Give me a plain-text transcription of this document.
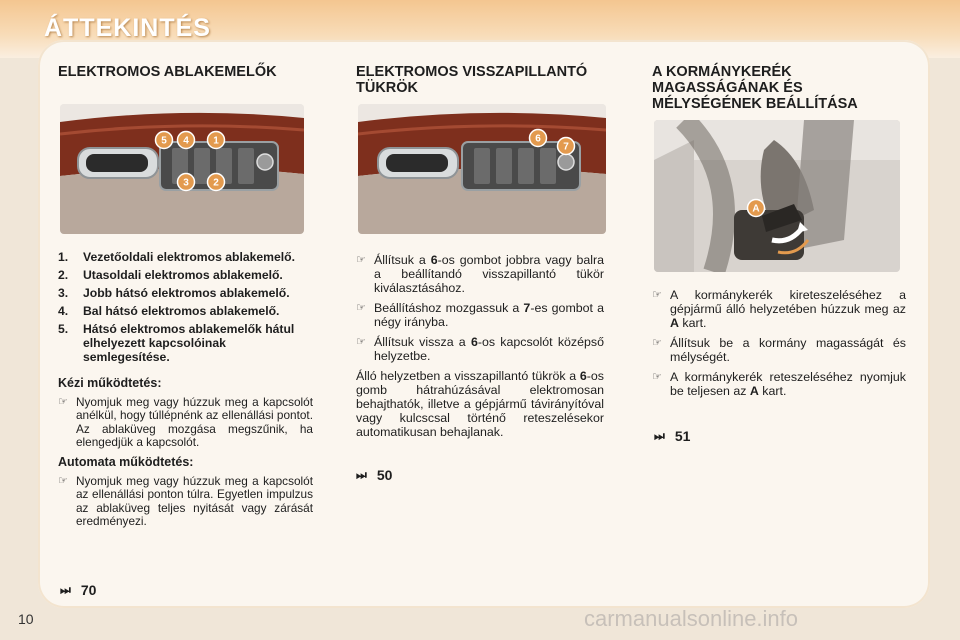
ÁTTEKINTÉS
ELEKTROMOS ABLAKEMELŐK
5 4 1
3 2
1.	Vezetőoldali elektromos ablakemelő.
2.	Utasoldali elektromos ablakemelő.
3.	Jobb hátsó elektromos ablakemelő.
4.	Bal hátsó elektromos ablakemelő.
5.	Hátsó elektromos ablakemelők hátul elhelyezett kapcsolóinak semlegesítése.
Kézi működtetés:
☞ Nyomjuk meg vagy húzzuk meg a kapcsolót anélkül, hogy túllépnénk az ellenállási pontot. Az ablaküveg mozgása megszűnik, ha elengedjük a kapcsolót.
Automata működtetés:
☞ Nyomjuk meg vagy húzzuk meg a kapcsolót az ellenállási ponton túlra. Egyetlen impulzus az ablaküveg teljes nyitását vagy zárását eredményezi.
⏭ 70
ELEKTROMOS VISSZAPILLANTÓ TÜKRÖK
6
7
☞ Állítsuk a 6-os gombot jobbra vagy balra a beállítandó visszapillantó tükör kiválasztásához.
☞ Beállításhoz mozgassuk a 7-es gombot a négy irányba.
☞ Állítsuk vissza a 6-os kapcsolót középső helyzetbe.
Álló helyzetben a visszapillantó tükrök a 6-os gomb hátrahúzásával elektromosan behajthatók, illetve a gépjármű távirányítóval vagy kulcscsal történő reteszelésekor automatikusan behajlanak.
⏭ 50
A KORMÁNYKERÉK MAGASSÁGÁNAK ÉS MÉLYSÉGÉNEK BEÁLLÍTÁSA
A
☞ A kormánykerék kireteszeléséhez a gépjármű álló helyzetében húzzuk meg az A kart.
☞ Állítsuk be a kormány magasságát és mélységét.
☞ A kormánykerék reteszeléséhez nyomjuk be teljesen az A kart.
⏭ 51
10	carmanualsonline.info
